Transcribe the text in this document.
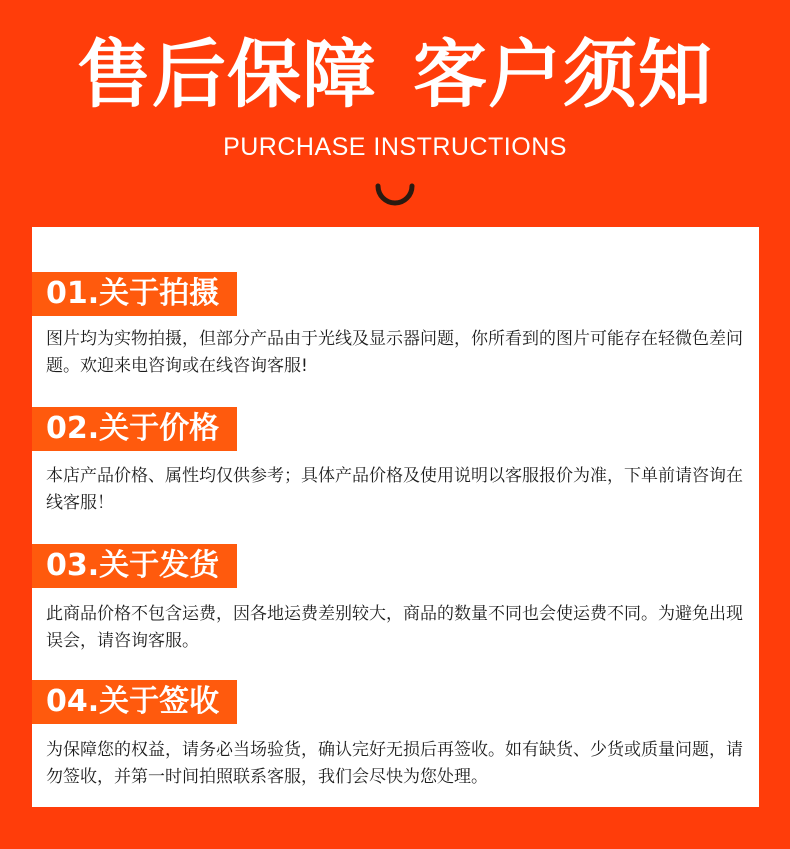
售后保障 客户须知
PURCHASE INSTRUCTIONS
01.关于拍摄

图片均为实物拍摄，但部分产品由于光线及显示器问题，你所看到的图片可能存在轻微色差问题。欢迎来电咨询或在线咨询客服!

02.关于价格

本店产品价格、属性均仅供参考；具体产品价格及使用说明以客服报价为准，下单前请咨询在线客服！

03.关于发货

此商品价格不包含运费，因各地运费差别较大，商品的数量不同也会使运费不同。为避免出现误会，请咨询客服。

04.关于签收

为保障您的权益，请务必当场验货，确认完好无损后再签收。如有缺货、少货或质量问题，请勿签收，并第一时间拍照联系客服，我们会尽快为您处理。
